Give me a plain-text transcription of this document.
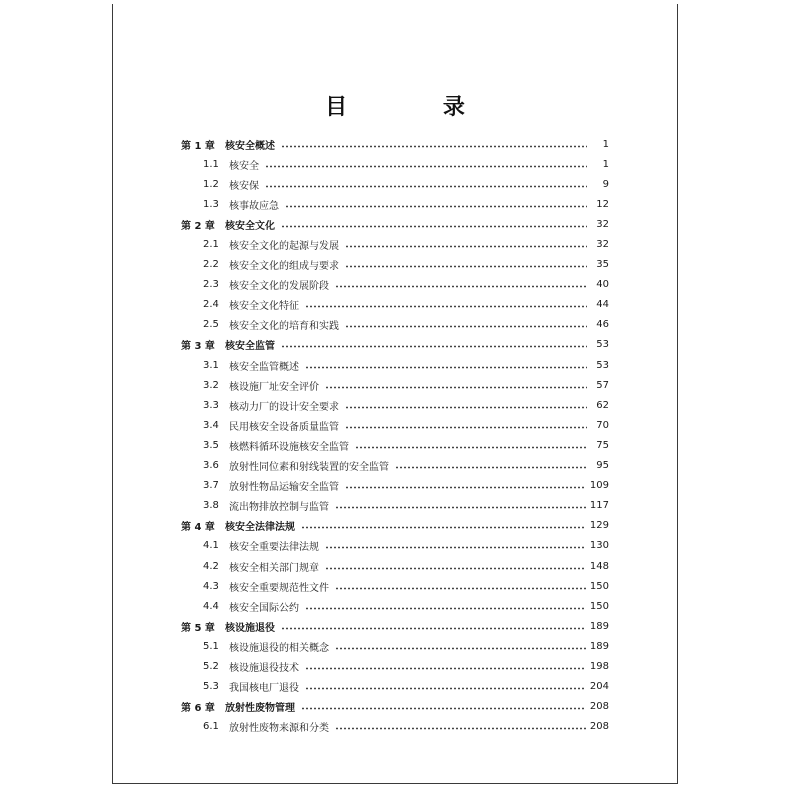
目 录
第 1 章	核安全概述	1
1.1	核安全	1
1.2	核安保	9
1.3	核事故应急	12
第 2 章	核安全文化	32
2.1	核安全文化的起源与发展	32
2.2	核安全文化的组成与要求	35
2.3	核安全文化的发展阶段	40
2.4	核安全文化特征	44
2.5	核安全文化的培育和实践	46
第 3 章	核安全监管	53
3.1	核安全监管概述	53
3.2	核设施厂址安全评价	57
3.3	核动力厂的设计安全要求	62
3.4	民用核安全设备质量监管	70
3.5	核燃料循环设施核安全监管	75
3.6	放射性同位素和射线装置的安全监管	95
3.7	放射性物品运输安全监管	109
3.8	流出物排放控制与监管	117
第 4 章	核安全法律法规	129
4.1	核安全重要法律法规	130
4.2	核安全相关部门规章	148
4.3	核安全重要规范性文件	150
4.4	核安全国际公约	150
第 5 章	核设施退役	189
5.1	核设施退役的相关概念	189
5.2	核设施退役技术	198
5.3	我国核电厂退役	204
第 6 章	放射性废物管理	208
6.1	放射性废物来源和分类	208
